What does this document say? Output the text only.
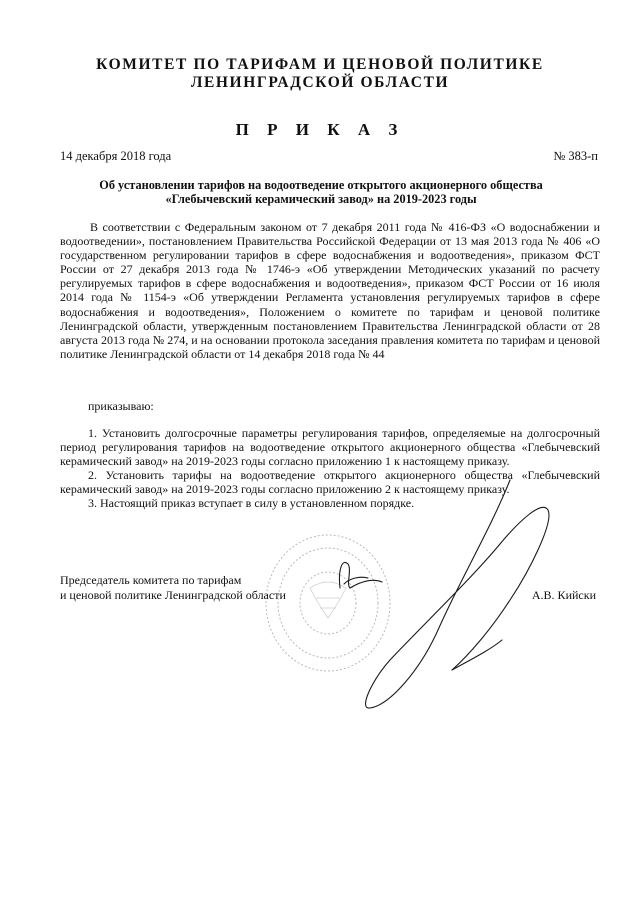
КОМИТЕТ ПО ТАРИФАМ И ЦЕНОВОЙ ПОЛИТИКЕ
ЛЕНИНГРАДСКОЙ ОБЛАСТИ
П Р И К А З
14 декабря 2018 года	№ 383-п
Об установлении тарифов на водоотведение открытого акционерного общества «Глебычевский керамический завод» на 2019-2023 годы
В соответствии с Федеральным законом от 7 декабря 2011 года № 416-ФЗ «О водоснабжении и водоотведении», постановлением Правительства Российской Федерации от 13 мая 2013 года № 406 «О государственном регулировании тарифов в сфере водоснабжения и водоотведения», приказом ФСТ России от 27 декабря 2013 года № 1746-э «Об утверждении Методических указаний по расчету регулируемых тарифов в сфере водоснабжения и водоотведения», приказом ФСТ России от 16 июля 2014 года № 1154-э «Об утверждении Регламента установления регулируемых тарифов в сфере водоснабжения и водоотведения», Положением о комитете по тарифам и ценовой политике Ленинградской области, утвержденным постановлением Правительства Ленинградской области от 28 августа 2013 года № 274, и на основании протокола заседания правления комитета по тарифам и ценовой политике Ленинградской области от 14 декабря 2018 года № 44
приказываю:

1. Установить долгосрочные параметры регулирования тарифов, определяемые на долгосрочный период регулирования тарифов на водоотведение открытого акционерного общества «Глебычевский керамический завод» на 2019-2023 годы согласно приложению 1 к настоящему приказу.

2. Установить тарифы на водоотведение открытого акционерного общества «Глебычевский керамический завод» на 2019-2023 годы согласно приложению 2 к настоящему приказу.

3. Настоящий приказ вступает в силу в установленном порядке.

Председатель комитета по тарифам
и ценовой политике Ленинградской области	А.В. Кийски
